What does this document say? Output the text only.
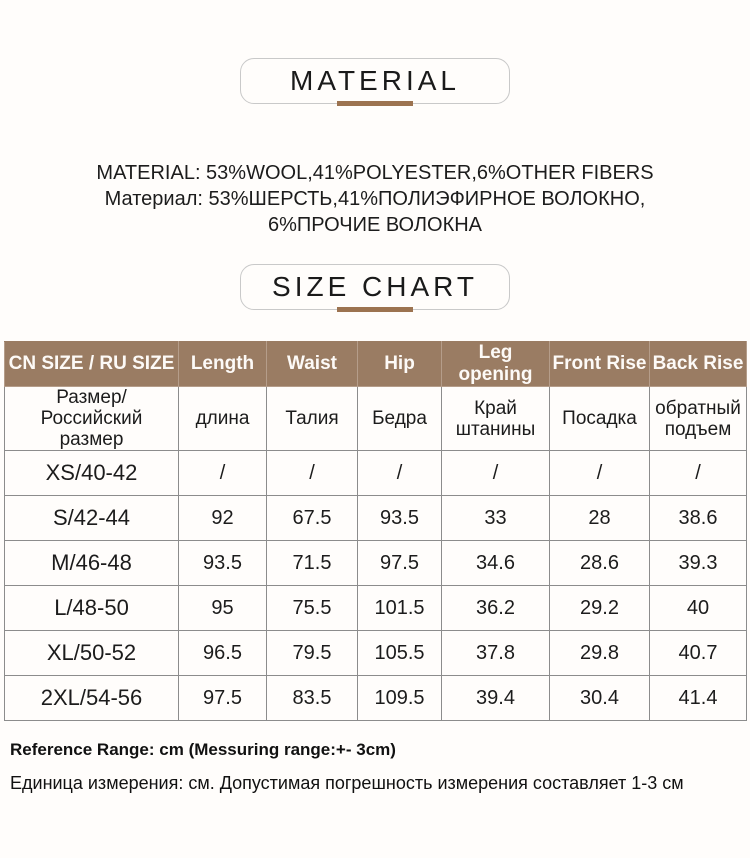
MATERIAL
MATERIAL: 53%WOOL,41%POLYESTER,6%OTHER FIBERS
Материал: 53%ШЕРСТЬ,41%ПОЛИЭФИРНОЕ ВОЛОКНО,
6%ПРОЧИЕ ВОЛОКНА
SIZE CHART
CN SIZE / RU SIZE	Length	Waist	Hip	Leg opening	Front Rise	Back Rise
Размер/Российский размер	длина	Талия	Бедра	Край штанины	Посадка	обратный подъем
XS/40-42	/	/	/	/	/	/
S/42-44	92	67.5	93.5	33	28	38.6
M/46-48	93.5	71.5	97.5	34.6	28.6	39.3
L/48-50	95	75.5	101.5	36.2	29.2	40
XL/50-52	96.5	79.5	105.5	37.8	29.8	40.7
2XL/54-56	97.5	83.5	109.5	39.4	30.4	41.4
Reference Range: cm (Messuring range:+- 3cm)
Единица измерения: см. Допустимая погрешность измерения составляет 1-3 см
